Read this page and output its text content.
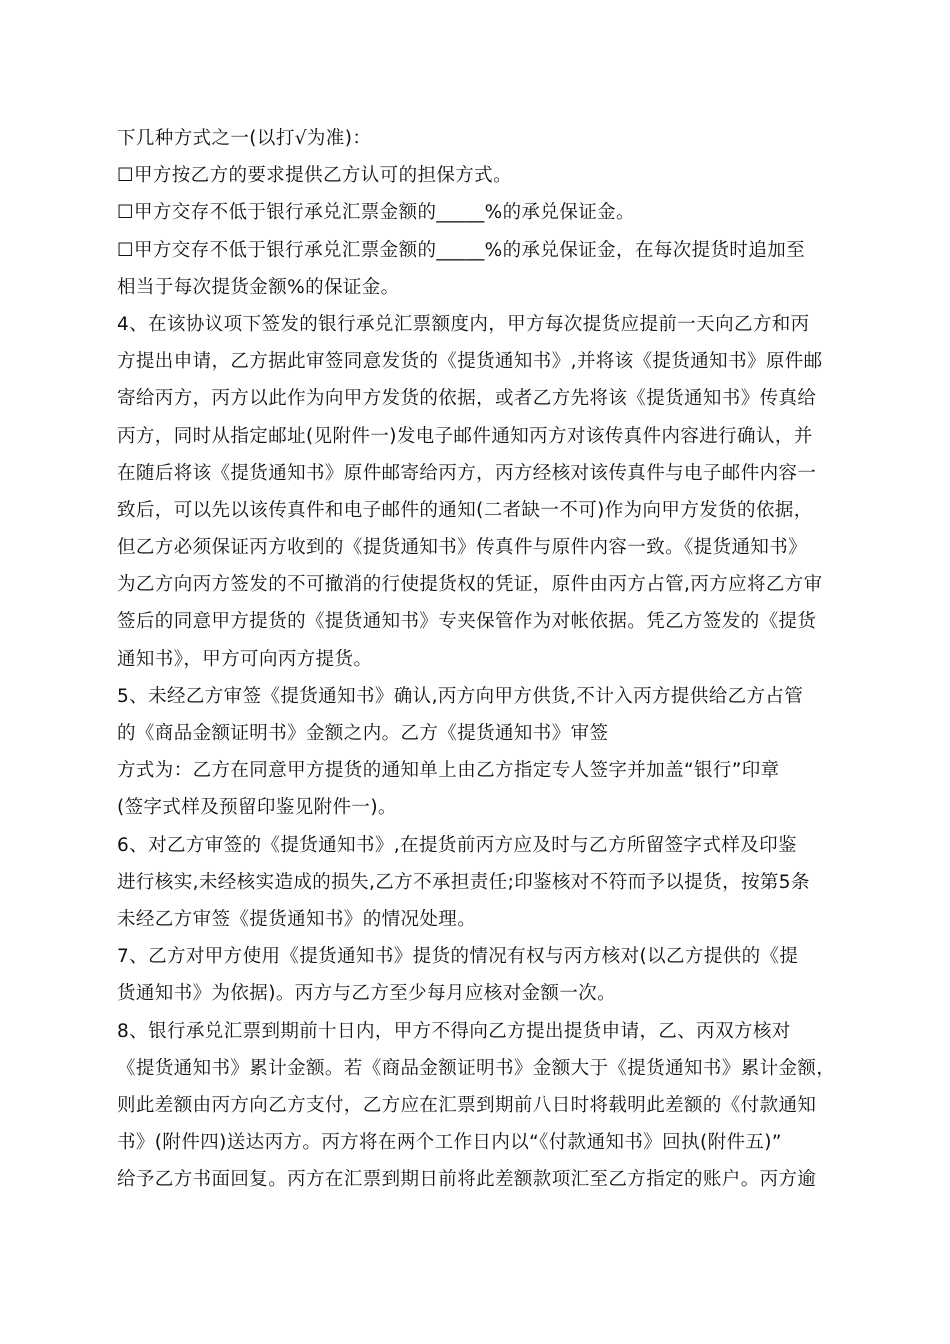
下几种方式之一(以打√为准)：
☐甲方按乙方的要求提供乙方认可的担保方式。
☐甲方交存不低于银行承兑汇票金额的_____%的承兑保证金。
☐甲方交存不低于银行承兑汇票金额的_____%的承兑保证金，在每次提货时追加至
相当于每次提货金额%的保证金。
4、在该协议项下签发的银行承兑汇票额度内，甲方每次提货应提前一天向乙方和丙
方提出申请，乙方据此审签同意发货的《提货通知书》,并将该《提货通知书》原件邮
寄给丙方，丙方以此作为向甲方发货的依据，或者乙方先将该《提货通知书》传真给
丙方，同时从指定邮址(见附件一)发电子邮件通知丙方对该传真件内容进行确认，并
在随后将该《提货通知书》原件邮寄给丙方，丙方经核对该传真件与电子邮件内容一
致后，可以先以该传真件和电子邮件的通知(二者缺一不可)作为向甲方发货的依据，
但乙方必须保证丙方收到的《提货通知书》传真件与原件内容一致。《提货通知书》
为乙方向丙方签发的不可撤消的行使提货权的凭证，原件由丙方占管,丙方应将乙方审
签后的同意甲方提货的《提货通知书》专夹保管作为对帐依据。凭乙方签发的《提货
通知书》，甲方可向丙方提货。
5、未经乙方审签《提货通知书》确认,丙方向甲方供货,不计入丙方提供给乙方占管
的《商品金额证明书》金额之内。乙方《提货通知书》审签
方式为：乙方在同意甲方提货的通知单上由乙方指定专人签字并加盖“银行”印章
(签字式样及预留印鉴见附件一)。
6、对乙方审签的《提货通知书》,在提货前丙方应及时与乙方所留签字式样及印鉴
进行核实,未经核实造成的损失,乙方不承担责任;印鉴核对不符而予以提货，按第5条
未经乙方审签《提货通知书》的情况处理。
7、乙方对甲方使用《提货通知书》提货的情况有权与丙方核对(以乙方提供的《提
货通知书》为依据)。丙方与乙方至少每月应核对金额一次。
8、银行承兑汇票到期前十日内，甲方不得向乙方提出提货申请，乙、丙双方核对
《提货通知书》累计金额。若《商品金额证明书》金额大于《提货通知书》累计金额，
则此差额由丙方向乙方支付，乙方应在汇票到期前八日时将载明此差额的《付款通知
书》(附件四)送达丙方。丙方将在两个工作日内以“《付款通知书》回执(附件五)”
给予乙方书面回复。丙方在汇票到期日前将此差额款项汇至乙方指定的账户。丙方逾
